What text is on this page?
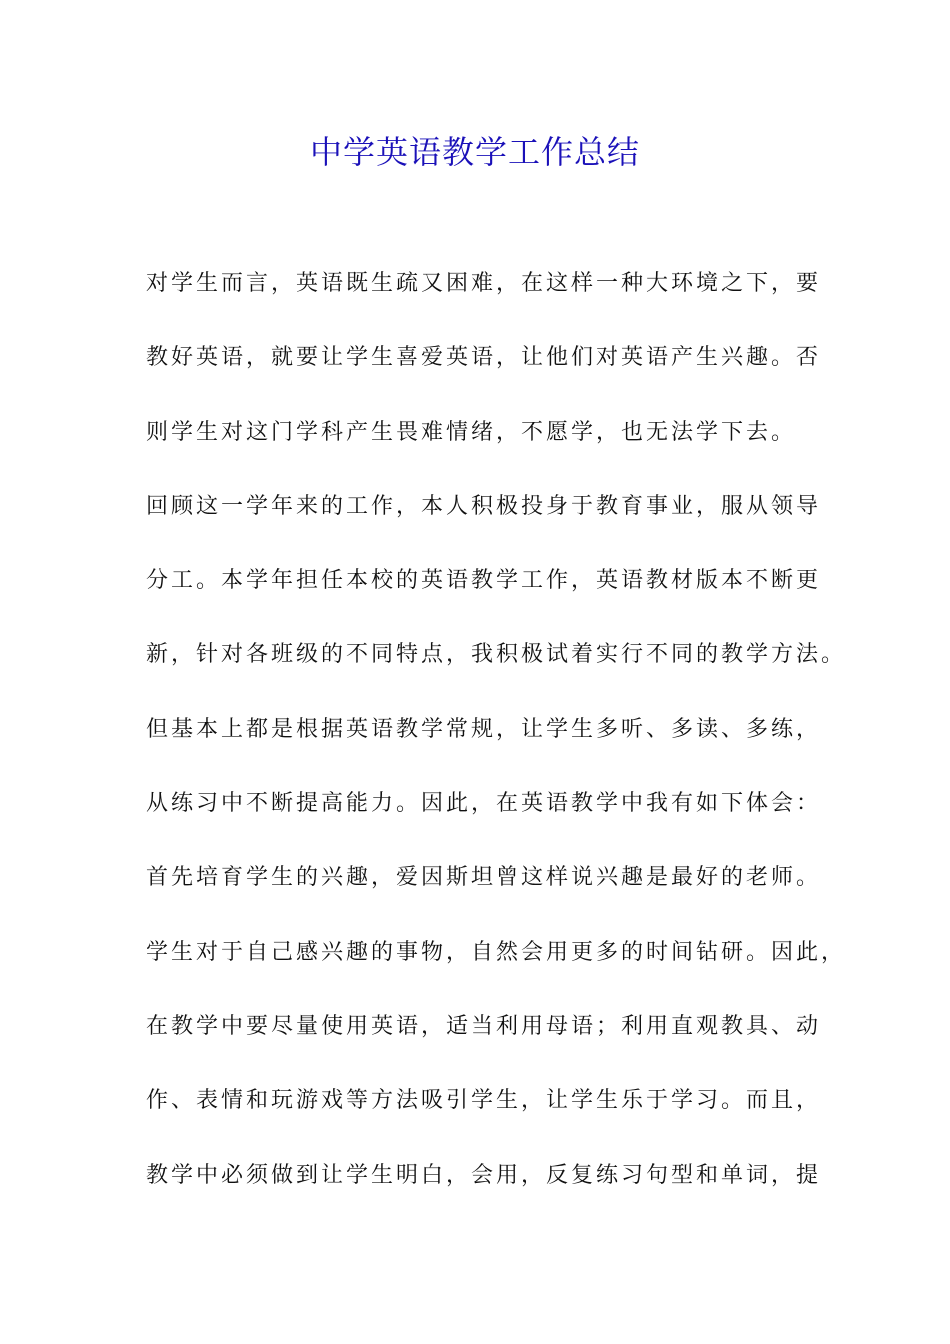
中学英语教学工作总结

对学生而言，英语既生疏又困难，在这样一种大环境之下，要

教好英语，就要让学生喜爱英语，让他们对英语产生兴趣。否

则学生对这门学科产生畏难情绪，不愿学，也无法学下去。

回顾这一学年来的工作，本人积极投身于教育事业，服从领导

分工。本学年担任本校的英语教学工作，英语教材版本不断更

新，针对各班级的不同特点，我积极试着实行不同的教学方法。

但基本上都是根据英语教学常规，让学生多听、多读、多练，

从练习中不断提高能力。因此，在英语教学中我有如下体会：

首先培育学生的兴趣，爱因斯坦曾这样说兴趣是最好的老师。

学生对于自己感兴趣的事物，自然会用更多的时间钻研。因此，

在教学中要尽量使用英语，适当利用母语；利用直观教具、动

作、表情和玩游戏等方法吸引学生，让学生乐于学习。而且，

教学中必须做到让学生明白，会用，反复练习句型和单词，提
